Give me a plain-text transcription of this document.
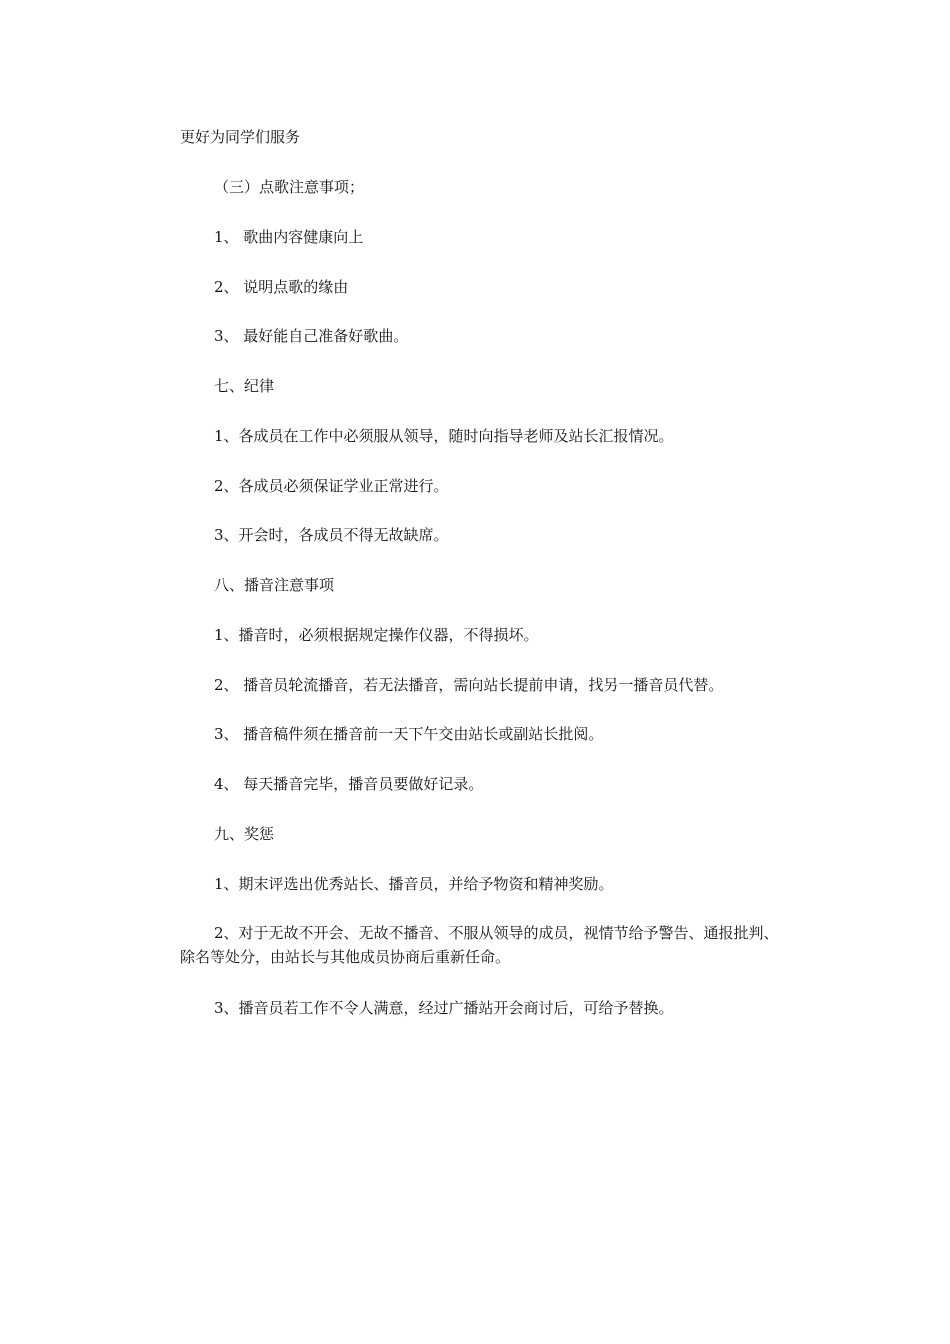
更好为同学们服务
（三）点歌注意事项；
1、 歌曲内容健康向上
2、 说明点歌的缘由
3、 最好能自己准备好歌曲。
七、纪律
1、各成员在工作中必须服从领导，随时向指导老师及站长汇报情况。
2、各成员必须保证学业正常进行。
3、开会时，各成员不得无故缺席。
八、播音注意事项
1、播音时，必须根据规定操作仪器，不得损坏。
2、 播音员轮流播音，若无法播音，需向站长提前申请，找另一播音员代替。
3、 播音稿件须在播音前一天下午交由站长或副站长批阅。
4、 每天播音完毕，播音员要做好记录。
九、奖惩
1、期末评选出优秀站长、播音员，并给予物资和精神奖励。
2、对于无故不开会、无故不播音、不服从领导的成员，视情节给予警告、通报批判、除名等处分，由站长与其他成员协商后重新任命。
3、播音员若工作不令人满意，经过广播站开会商讨后，可给予替换。
